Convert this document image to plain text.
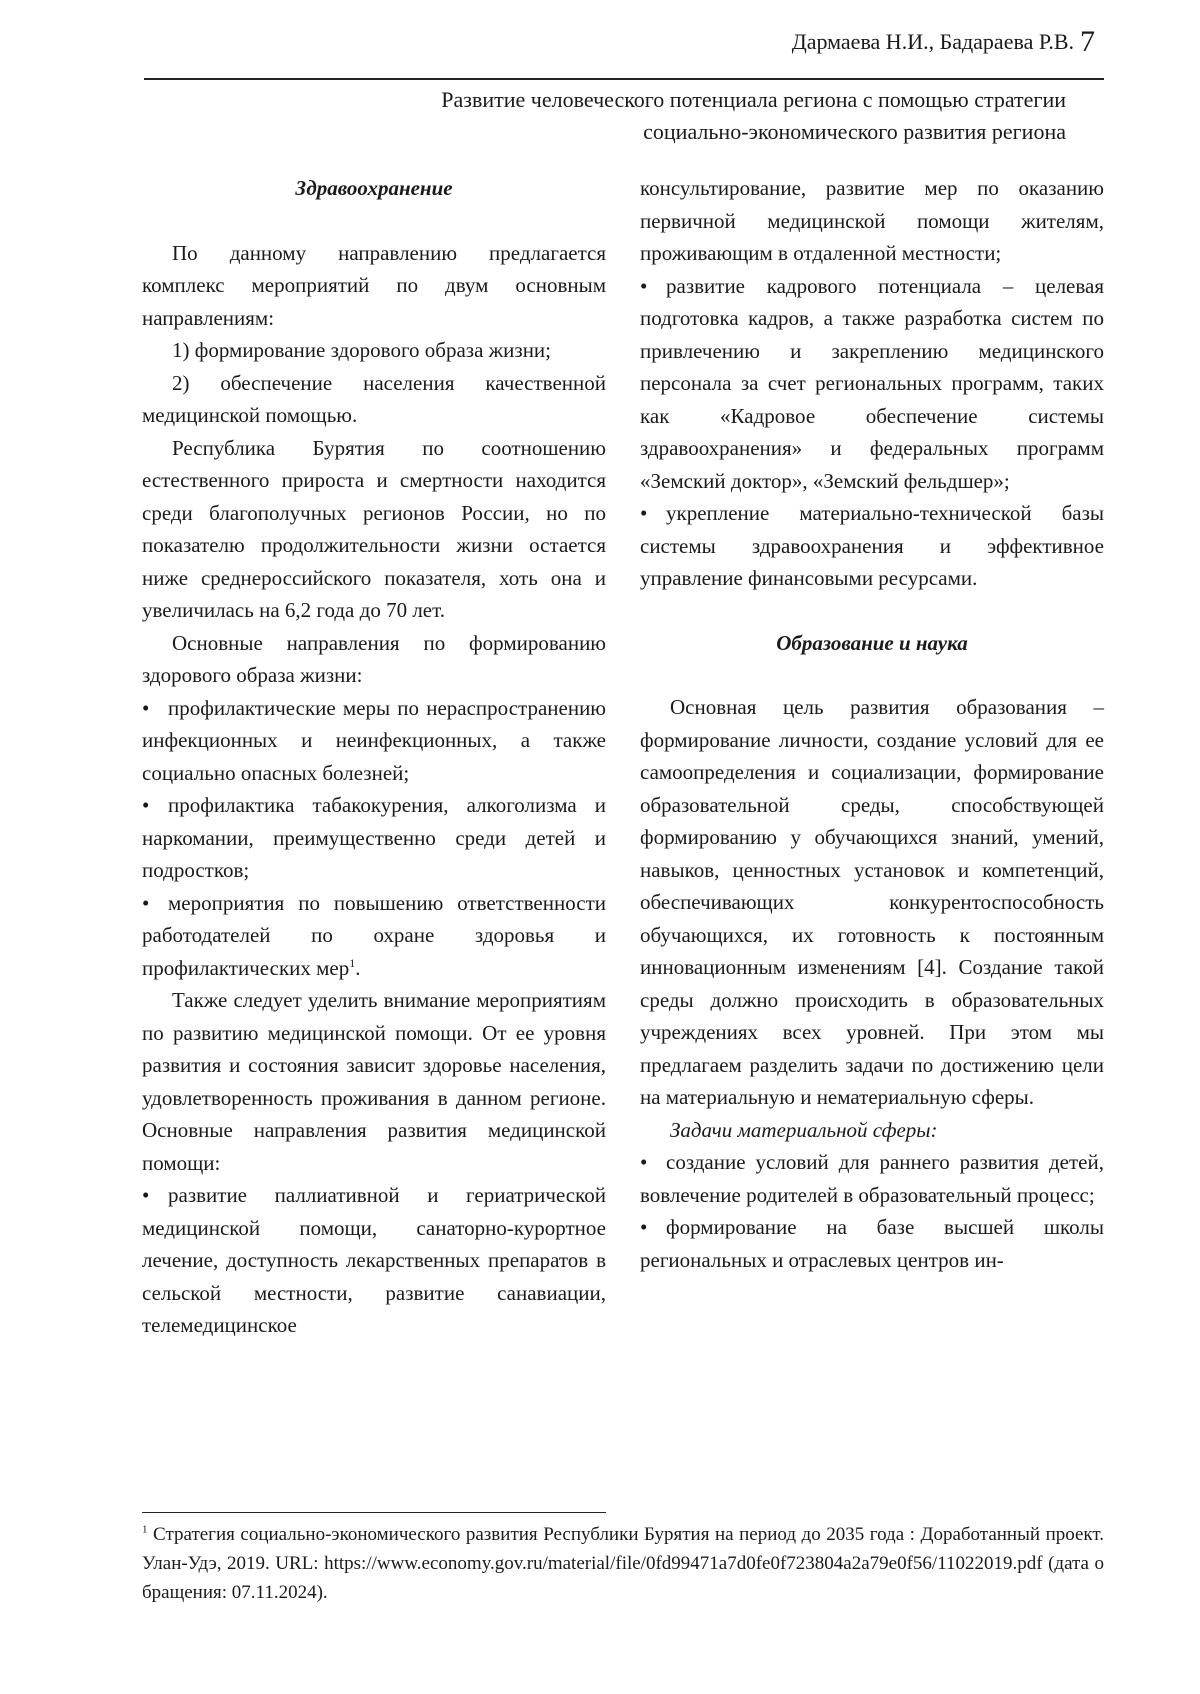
Дармаева Н.И., Бадараева Р.В. 7
Развитие человеческого потенциала региона с помощью стратегии
социально-экономического развития региона

Здравоохранение

По данному направлению предлагается комплекс мероприятий по двум основным направлениям:

1) формирование здорового образа жизни;

2) обеспечение населения качественной медицинской помощью.

Республика Бурятия по соотношению естественного прироста и смертности находится среди благополучных регионов России, но по показателю продолжительности жизни остается ниже среднероссийского показателя, хоть она и увеличилась на 6,2 года до 70 лет.

Основные направления по формированию здорового образа жизни:

• профилактические меры по нераспространению инфекционных и неинфекционных, а также социально опасных болезней;

• профилактика табакокурения, алкоголизма и наркомании, преимущественно среди детей и подростков;

• мероприятия по повышению ответственности работодателей по охране здоровья и профилактических мер$^1$.

Также следует уделить внимание мероприятиям по развитию медицинской помощи. От ее уровня развития и состояния зависит здоровье населения, удовлетворенность проживания в данном регионе. Основные направления развития медицинской помощи:

• развитие паллиативной и гериатрической медицинской помощи, санаторно-курортное лечение, доступность лекарственных препаратов в сельской местности, развитие санавиации, телемедицинское

консультирование, развитие мер по оказанию первичной медицинской помощи жителям, проживающим в отдаленной местности;

• развитие кадрового потенциала – целевая подготовка кадров, а также разработка систем по привлечению и закреплению медицинского персонала за счет региональных программ, таких как «Кадровое обеспечение системы здравоохранения» и федеральных программ «Земский доктор», «Земский фельдшер»;

• укрепление материально-технической базы системы здравоохранения и эффективное управление финансовыми ресурсами.

Образование и наука

Основная цель развития образования – формирование личности, создание условий для ее самоопределения и социализации, формирование образовательной среды, способствующей формированию у обучающихся знаний, умений, навыков, ценностных установок и компетенций, обеспечивающих конкурентоспособность обучающихся, их готовность к постоянным инновационным изменениям [4]. Создание такой среды должно происходить в образовательных учреждениях всех уровней. При этом мы предлагаем разделить задачи по достижению цели на материальную и нематериальную сферы.

Задачи материальной сферы:

• создание условий для раннего развития детей, вовлечение родителей в образовательный процесс;

• формирование на базе высшей школы региональных и отраслевых центров ин-

$^1$ Стратегия социально-экономического развития Республики Бурятия на период до 2035 года : Доработанный проект. Улан-Удэ, 2019. URL: https://www.economy.gov.ru/material/file/0fd99471a7d0fe0f723804a2a79e0f56/11022019.pdf (дата обращения: 07.11.2024).
